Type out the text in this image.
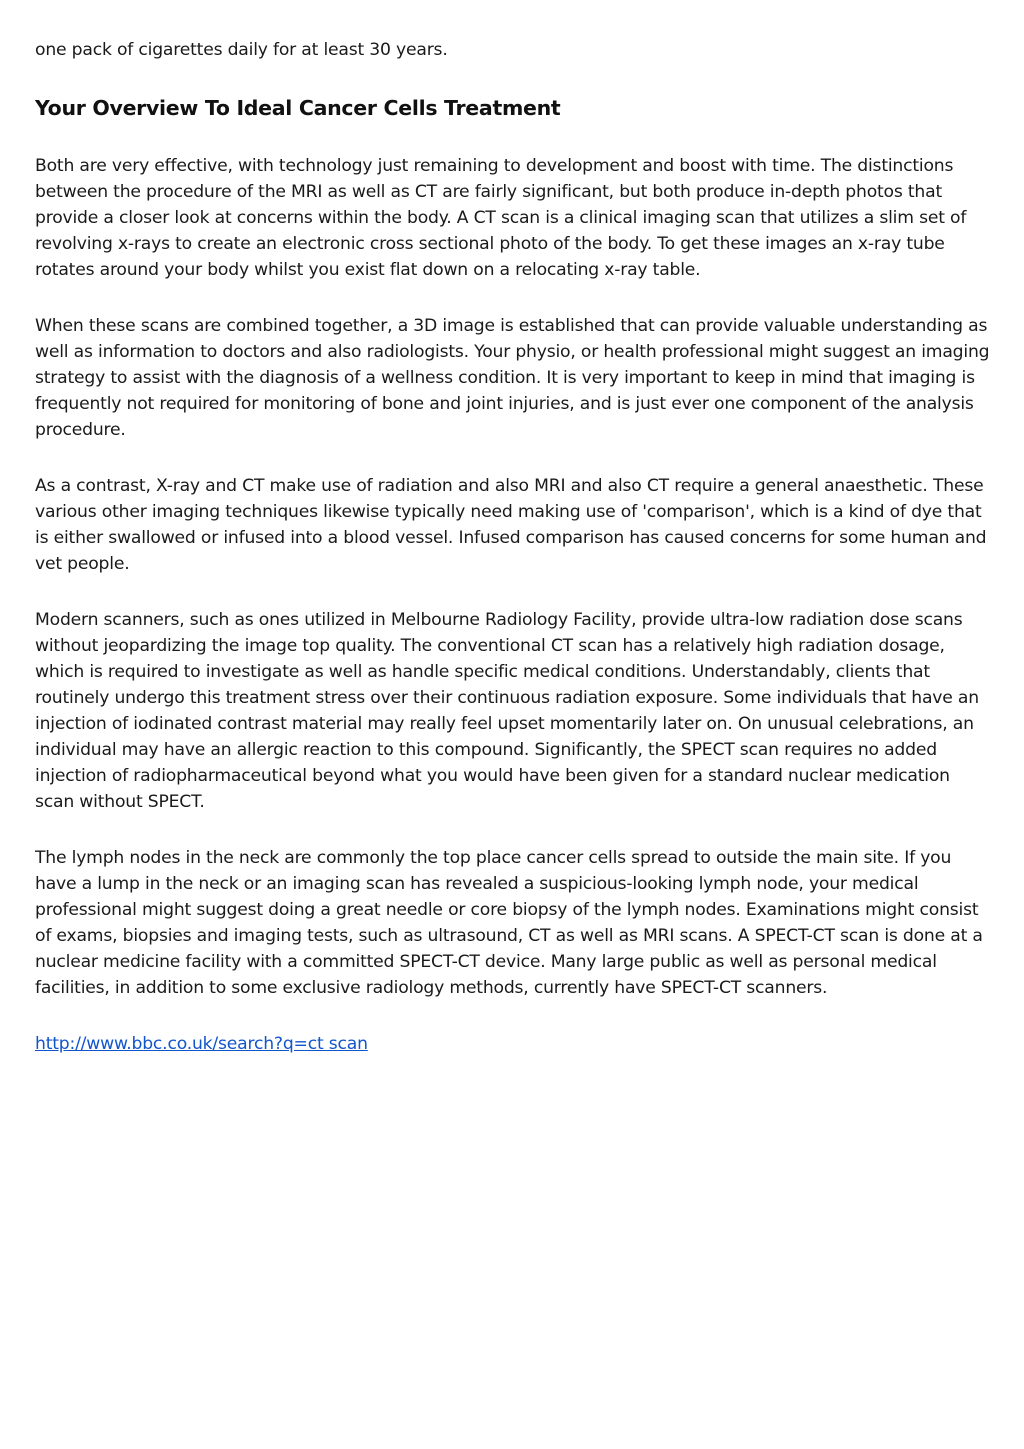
one pack of cigarettes daily for at least 30 years.

Your Overview To Ideal Cancer Cells Treatment

Both are very effective, with technology just remaining to development and boost with time. The distinctions between the procedure of the MRI as well as CT are fairly significant, but both produce in-depth photos that provide a closer look at concerns within the body. A CT scan is a clinical imaging scan that utilizes a slim set of revolving x-rays to create an electronic cross sectional photo of the body. To get these images an x-ray tube rotates around your body whilst you exist flat down on a relocating x-ray table.

When these scans are combined together, a 3D image is established that can provide valuable understanding as well as information to doctors and also radiologists. Your physio, or health professional might suggest an imaging strategy to assist with the diagnosis of a wellness condition. It is very important to keep in mind that imaging is frequently not required for monitoring of bone and joint injuries, and is just ever one component of the analysis procedure.

As a contrast, X-ray and CT make use of radiation and also MRI and also CT require a general anaesthetic. These various other imaging techniques likewise typically need making use of 'comparison', which is a kind of dye that is either swallowed or infused into a blood vessel. Infused comparison has caused concerns for some human and vet people.

Modern scanners, such as ones utilized in Melbourne Radiology Facility, provide ultra-low radiation dose scans without jeopardizing the image top quality. The conventional CT scan has a relatively high radiation dosage, which is required to investigate as well as handle specific medical conditions. Understandably, clients that routinely undergo this treatment stress over their continuous radiation exposure. Some individuals that have an injection of iodinated contrast material may really feel upset momentarily later on. On unusual celebrations, an individual may have an allergic reaction to this compound. Significantly, the SPECT scan requires no added injection of radiopharmaceutical beyond what you would have been given for a standard nuclear medication scan without SPECT.

The lymph nodes in the neck are commonly the top place cancer cells spread to outside the main site. If you have a lump in the neck or an imaging scan has revealed a suspicious-looking lymph node, your medical professional might suggest doing a great needle or core biopsy of the lymph nodes. Examinations might consist of exams, biopsies and imaging tests, such as ultrasound, CT as well as MRI scans. A SPECT-CT scan is done at a nuclear medicine facility with a committed SPECT-CT device. Many large public as well as personal medical facilities, in addition to some exclusive radiology methods, currently have SPECT-CT scanners.

http://www.bbc.co.uk/search?q=ct scan
